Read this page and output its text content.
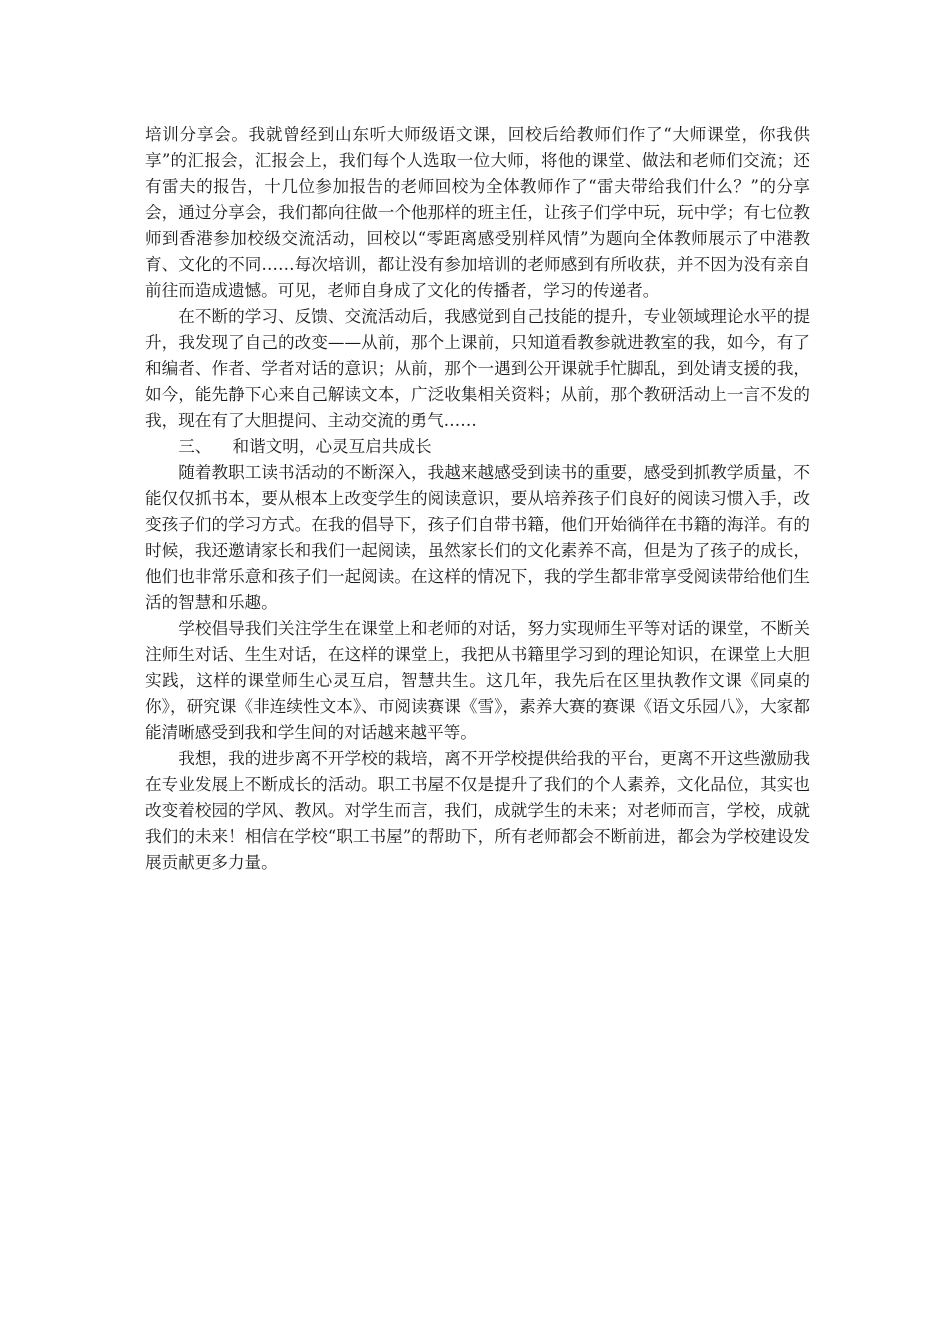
培训分享会。我就曾经到山东听大师级语文课，回校后给教师们作了“大师课堂，你我供享”的汇报会，汇报会上，我们每个人选取一位大师，将他的课堂、做法和老师们交流；还有雷夫的报告，十几位参加报告的老师回校为全体教师作了“雷夫带给我们什么？”的分享会，通过分享会，我们都向往做一个他那样的班主任，让孩子们学中玩，玩中学；有七位教师到香港参加校级交流活动，回校以“零距离感受别样风情”为题向全体教师展示了中港教育、文化的不同……每次培训，都让没有参加培训的老师感到有所收获，并不因为没有亲自前往而造成遗憾。可见，老师自身成了文化的传播者，学习的传递者。

在不断的学习、反馈、交流活动后，我感觉到自己技能的提升，专业领域理论水平的提升，我发现了自己的改变——从前，那个上课前，只知道看教参就进教室的我，如今，有了和编者、作者、学者对话的意识；从前，那个一遇到公开课就手忙脚乱，到处请支援的我，如今，能先静下心来自己解读文本，广泛收集相关资料；从前，那个教研活动上一言不发的我，现在有了大胆提问、主动交流的勇气……

三、    和谐文明，心灵互启共成长

随着教职工读书活动的不断深入，我越来越感受到读书的重要，感受到抓教学质量，不能仅仅抓书本，要从根本上改变学生的阅读意识，要从培养孩子们良好的阅读习惯入手，改变孩子们的学习方式。在我的倡导下，孩子们自带书籍，他们开始徜徉在书籍的海洋。有的时候，我还邀请家长和我们一起阅读，虽然家长们的文化素养不高，但是为了孩子的成长，他们也非常乐意和孩子们一起阅读。在这样的情况下，我的学生都非常享受阅读带给他们生活的智慧和乐趣。

学校倡导我们关注学生在课堂上和老师的对话，努力实现师生平等对话的课堂，不断关注师生对话、生生对话，在这样的课堂上，我把从书籍里学习到的理论知识，在课堂上大胆实践，这样的课堂师生心灵互启，智慧共生。这几年，我先后在区里执教作文课《同桌的你》，研究课《非连续性文本》、市阅读赛课《雪》，素养大赛的赛课《语文乐园八》，大家都能清晰感受到我和学生间的对话越来越平等。

我想，我的进步离不开学校的栽培，离不开学校提供给我的平台，更离不开这些激励我在专业发展上不断成长的活动。职工书屋不仅是提升了我们的个人素养，文化品位，其实也改变着校园的学风、教风。对学生而言，我们，成就学生的未来；对老师而言，学校，成就我们的未来！相信在学校“职工书屋”的帮助下，所有老师都会不断前进，都会为学校建设发展贡献更多力量。
